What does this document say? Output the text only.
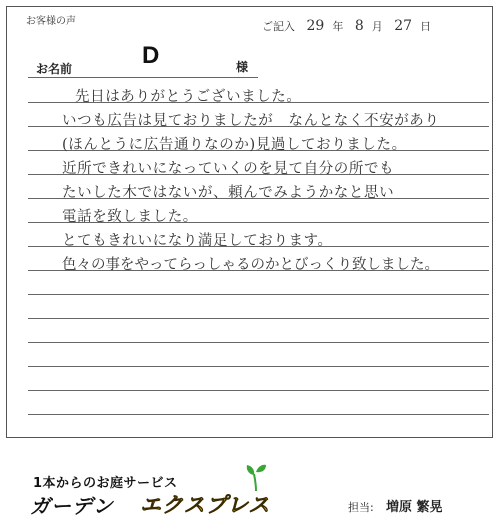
お客様の声	ご記入 29 年 8 月 27 日
お名前	D	様
先日はありがとうございました。
いつも広告は見ておりましたが　なんとなく不安があり
(ほんとうに広告通りなのか)見過しておりました。
近所できれいになっていくのを見て自分の所でも
たいした木ではないが、頼んでみようかなと思い
電話を致しました。
とてもきれいになり満足しております。
色々の事をやってらっしゃるのかとびっくり致しました。
1本からのお庭サービス
ガーデン エクスプレス	担当: 増原 繁晃
